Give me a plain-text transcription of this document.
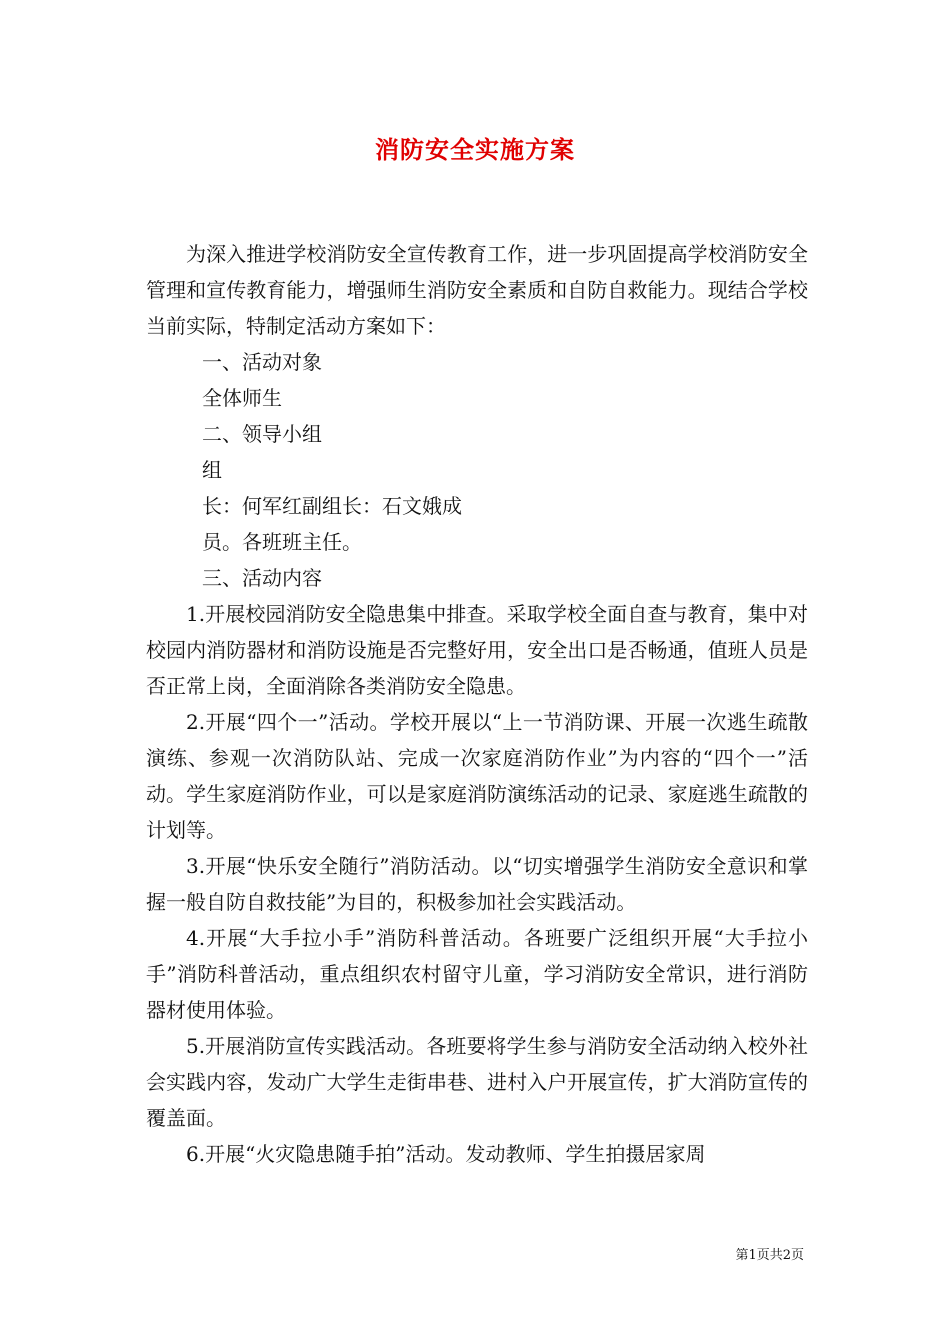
消防安全实施方案

为深入推进学校消防安全宣传教育工作，进一步巩固提高学校消防安全管理和宣传教育能力，增强师生消防安全素质和自防自救能力。现结合学校当前实际，特制定活动方案如下：

一、活动对象

全体师生

二、领导小组

组

长：何军红副组长：石文娥成

员。各班班主任。

三、活动内容

1.开展校园消防安全隐患集中排查。采取学校全面自查与教育，集中对校园内消防器材和消防设施是否完整好用，安全出口是否畅通，值班人员是否正常上岗，全面消除各类消防安全隐患。

2.开展“四个一”活动。学校开展以“上一节消防课、开展一次逃生疏散演练、参观一次消防队站、完成一次家庭消防作业”为内容的“四个一”活动。学生家庭消防作业，可以是家庭消防演练活动的记录、家庭逃生疏散的计划等。

3.开展“快乐安全随行”消防活动。以“切实增强学生消防安全意识和掌握一般自防自救技能”为目的，积极参加社会实践活动。

4.开展“大手拉小手”消防科普活动。各班要广泛组织开展“大手拉小手”消防科普活动，重点组织农村留守儿童，学习消防安全常识，进行消防器材使用体验。

5.开展消防宣传实践活动。各班要将学生参与消防安全活动纳入校外社会实践内容，发动广大学生走街串巷、进村入户开展宣传，扩大消防宣传的覆盖面。

6.开展“火灾隐患随手拍”活动。发动教师、学生拍摄居家周

第1页共2页
